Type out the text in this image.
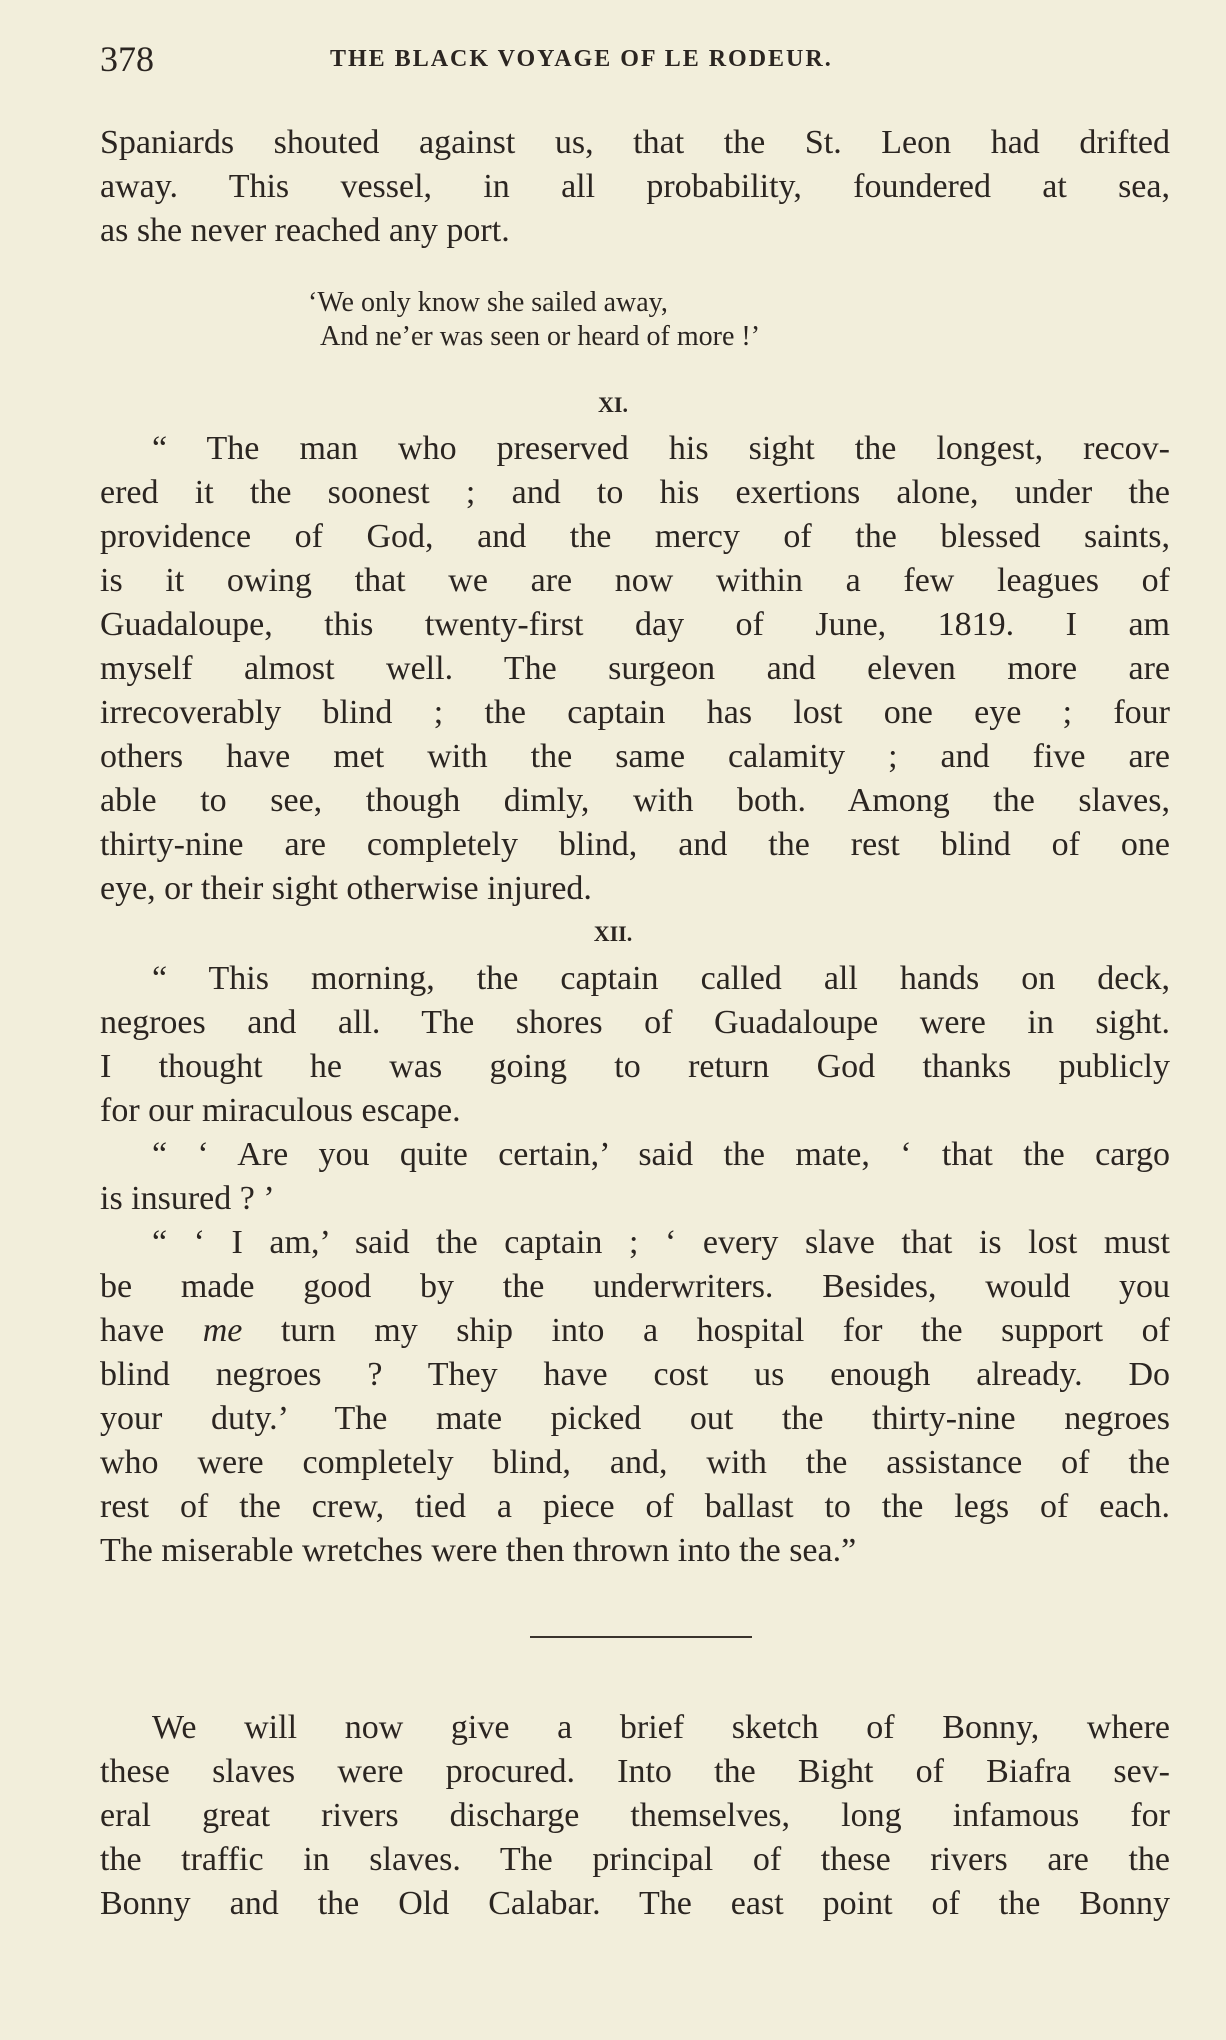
378	THE BLACK VOYAGE OF LE RODEUR.
Spaniards shouted against us, that the St. Leon had drifted
away. This vessel, in all probability, foundered at sea,
as she never reached any port.
‘We only know she sailed away,
And ne’er was seen or heard of more !’
XI.
“ The man who preserved his sight the longest, recov-
ered it the soonest ; and to his exertions alone, under the
providence of God, and the mercy of the blessed saints,
is it owing that we are now within a few leagues of
Guadaloupe, this twenty-first day of June, 1819. I am
myself almost well. The surgeon and eleven more are
irrecoverably blind ; the captain has lost one eye ; four
others have met with the same calamity ; and five are
able to see, though dimly, with both. Among the slaves,
thirty-nine are completely blind, and the rest blind of one
eye, or their sight otherwise injured.
XII.
“ This morning, the captain called all hands on deck,
negroes and all. The shores of Guadaloupe were in sight.
I thought he was going to return God thanks publicly
for our miraculous escape.
“ ‘ Are you quite certain,’ said the mate, ‘ that the cargo
is insured ? ’
“ ‘ I am,’ said the captain ; ‘ every slave that is lost must
be made good by the underwriters. Besides, would you
have me turn my ship into a hospital for the support of
blind negroes ? They have cost us enough already. Do
your duty.’ The mate picked out the thirty-nine negroes
who were completely blind, and, with the assistance of the
rest of the crew, tied a piece of ballast to the legs of each.
The miserable wretches were then thrown into the sea.”
We will now give a brief sketch of Bonny, where
these slaves were procured. Into the Bight of Biafra sev-
eral great rivers discharge themselves, long infamous for
the traffic in slaves. The principal of these rivers are the
Bonny and the Old Calabar. The east point of the Bonny
